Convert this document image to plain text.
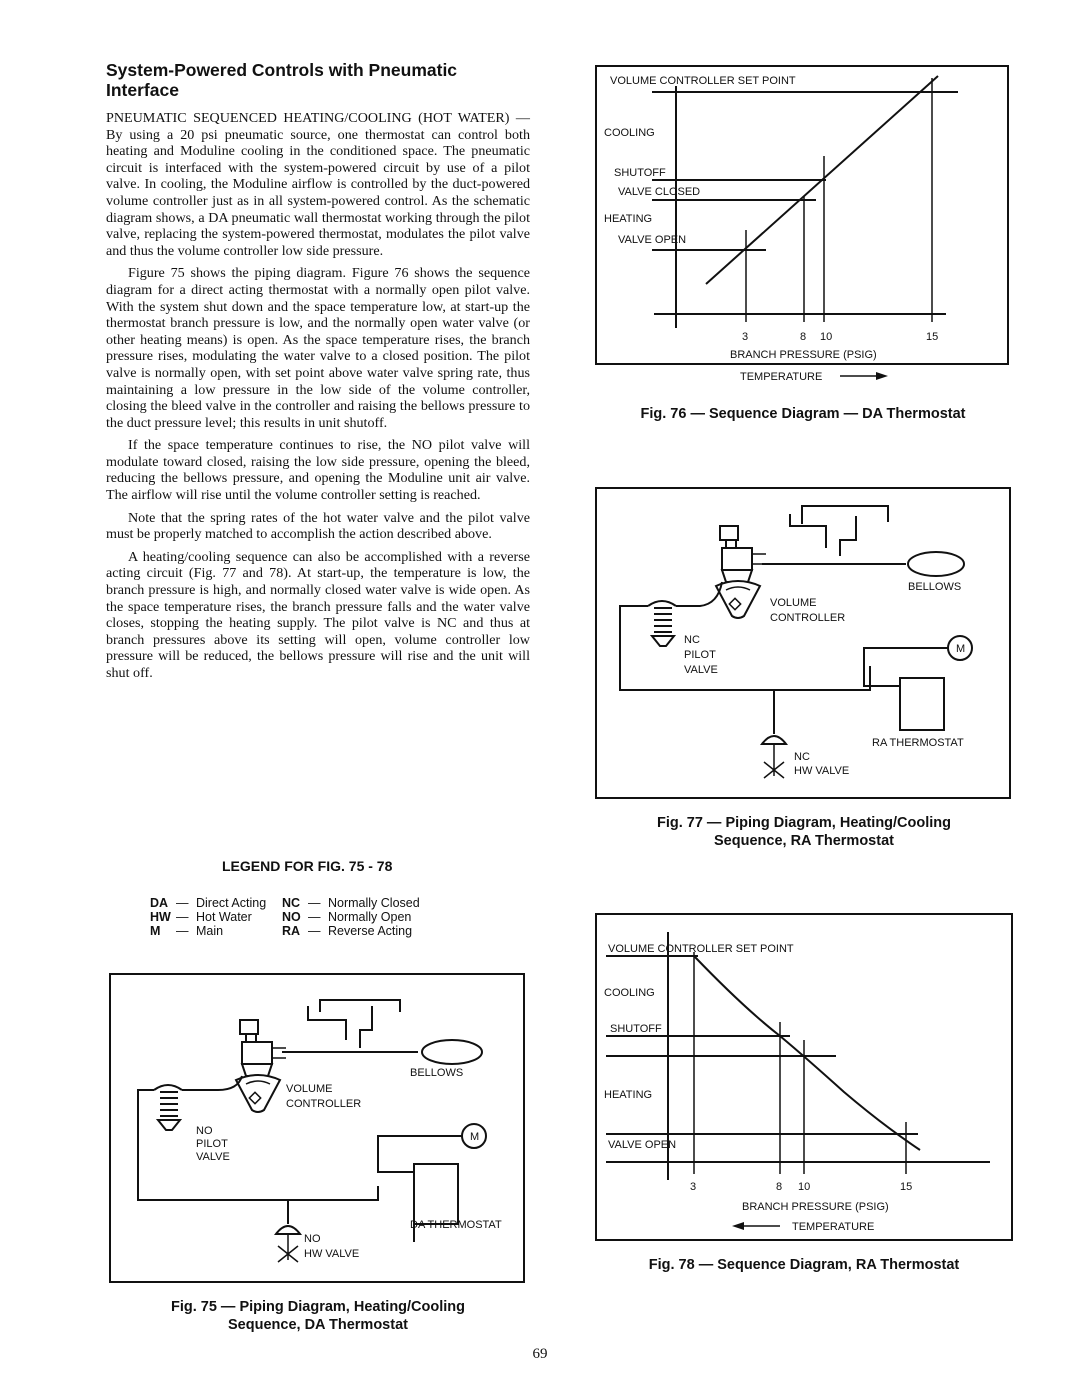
System-Powered Controls with Pneumatic Interface

PNEUMATIC SEQUENCED HEATING/COOLING (HOT WATER) — By using a 20 psi pneumatic source, one thermostat can control both heating and Moduline cooling in the conditioned space. The pneumatic circuit is interfaced with the system-powered circuit by use of a pilot valve. In cooling, the Moduline airflow is controlled by the duct-powered volume controller just as in all system-powered control. As the schematic diagram shows, a DA pneumatic wall thermostat working through the pilot valve, replacing the system-powered thermostat, modulates the pilot valve and thus the volume controller low side pressure.

Figure 75 shows the piping diagram. Figure 76 shows the sequence diagram for a direct acting thermostat with a normally open pilot valve. With the system shut down and the space temperature low, at start-up the thermostat branch pressure is low, and the normally open water valve (or other heating means) is open. As the space temperature rises, the branch pressure rises, modulating the water valve to a closed position. The pilot valve is normally open, with set point above water valve spring rate, thus maintaining a low pressure in the low side of the volume controller, closing the bleed valve in the controller and raising the bellows pressure to the duct pressure level; this results in unit shutoff.

If the space temperature continues to rise, the NO pilot valve will modulate toward closed, raising the low side pressure, opening the bleed, reducing the bellows pressure, and opening the Moduline unit air valve. The airflow will rise until the volume controller setting is reached.

Note that the spring rates of the hot water valve and the pilot valve must be properly matched to accomplish the action described above.

A heating/cooling sequence can also be accomplished with a reverse acting circuit (Fig. 77 and 78). At start-up, the temperature is low, the branch pressure is high, and normally closed water valve is wide open. As the space temperature rises, the branch pressure falls and the water valve closes, stopping the heating supply. The pilot valve is NC and thus at branch pressures above its setting will open, volume controller low pressure will be reduced, the bellows pressure will rise and the unit will shut off.

LEGEND FOR FIG. 75 - 78
DA	—	Direct Acting	NC	—	Normally Closed
HW	—	Hot Water	NO	—	Normally Open
M	—	Main	RA	—	Reverse Acting
BELLOWS
VOLUME
CONTROLLER
NO
PILOT
VALVE
M
DA THERMOSTAT
NO
HW VALVE
Fig. 75 — Piping Diagram, Heating/Cooling
Sequence, DA Thermostat
VOLUME CONTROLLER SET POINT
COOLING
SHUTOFF
VALVE CLOSED
HEATING
VALVE OPEN
3	8 10	15
BRANCH PRESSURE (PSIG)
TEMPERATURE
Fig. 76 — Sequence Diagram — DA Thermostat
BELLOWS
VOLUME
CONTROLLER
NC
PILOT
VALVE
M
RA THERMOSTAT
NC
HW VALVE
Fig. 77 — Piping Diagram, Heating/Cooling
Sequence, RA Thermostat
VOLUME CONTROLLER SET POINT
COOLING
SHUTOFF
HEATING
VALVE OPEN
3	8 10	15
BRANCH PRESSURE (PSIG)
TEMPERATURE
Fig. 78 — Sequence Diagram, RA Thermostat
69
